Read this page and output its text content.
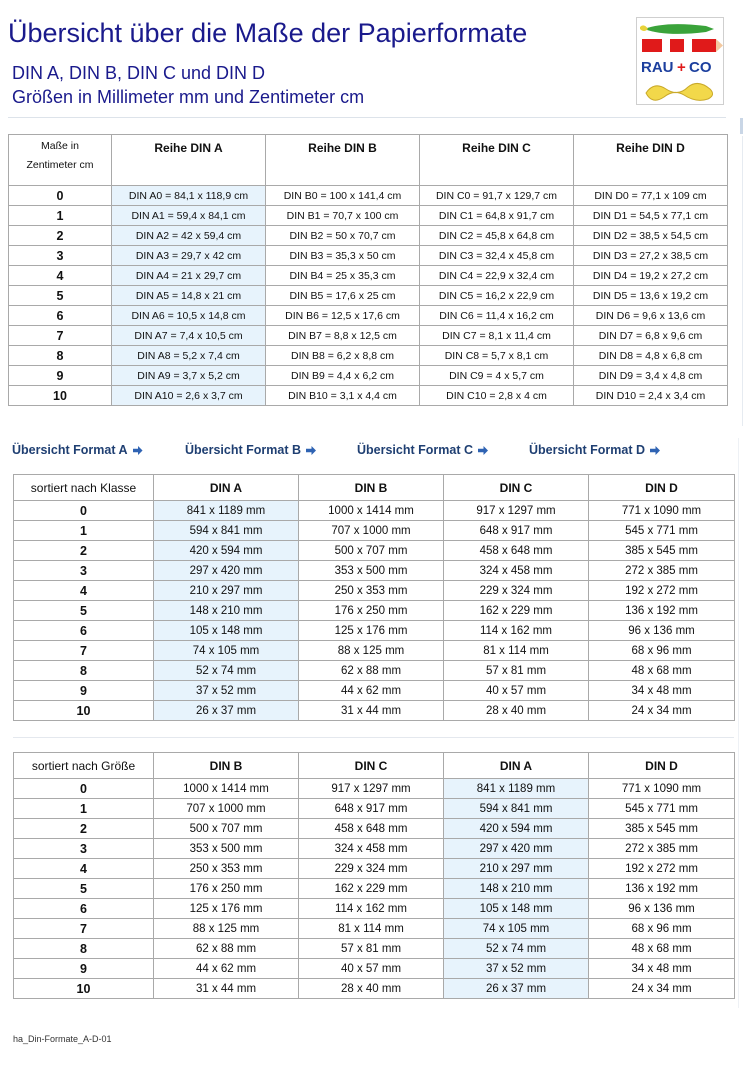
Übersicht über die Maße der Papierformate
DIN A, DIN B, DIN C und DIN D
Größen in Millimeter mm und Zentimeter cm
RAU + CO
Maße in Zentimeter cm	Reihe DIN A	Reihe DIN B	Reihe DIN C	Reihe DIN D
0	DIN A0 = 84,1 x 118,9 cm	DIN B0 = 100 x 141,4 cm	DIN C0 = 91,7 x 129,7 cm	DIN D0 = 77,1 x 109 cm
1	DIN A1 = 59,4 x 84,1 cm	DIN B1 = 70,7 x 100 cm	DIN C1 = 64,8 x 91,7 cm	DIN D1 = 54,5 x 77,1 cm
2	DIN A2 = 42 x 59,4 cm	DIN B2 = 50 x 70,7 cm	DIN C2 = 45,8 x 64,8 cm	DIN D2 = 38,5 x 54,5 cm
3	DIN A3 = 29,7 x 42 cm	DIN B3 = 35,3 x 50 cm	DIN C3 = 32,4 x 45,8 cm	DIN D3 = 27,2 x 38,5 cm
4	DIN A4 = 21 x 29,7 cm	DIN B4 = 25 x 35,3 cm	DIN C4 = 22,9 x 32,4 cm	DIN D4 = 19,2 x 27,2 cm
5	DIN A5 = 14,8 x 21 cm	DIN B5 = 17,6 x 25 cm	DIN C5 = 16,2 x 22,9 cm	DIN D5 = 13,6 x 19,2 cm
6	DIN A6 = 10,5 x 14,8 cm	DIN B6 = 12,5 x 17,6 cm	DIN C6 = 11,4 x 16,2 cm	DIN D6 = 9,6 x 13,6 cm
7	DIN A7 = 7,4 x 10,5 cm	DIN B7 = 8,8 x 12,5 cm	DIN C7 = 8,1 x 11,4 cm	DIN D7 = 6,8 x 9,6 cm
8	DIN A8 = 5,2 x 7,4 cm	DIN B8 = 6,2 x 8,8 cm	DIN C8 = 5,7 x 8,1 cm	DIN D8 = 4,8 x 6,8 cm
9	DIN A9 = 3,7 x 5,2 cm	DIN B9 = 4,4 x 6,2 cm	DIN C9 = 4 x 5,7 cm	DIN D9 = 3,4 x 4,8 cm
10	DIN A10 = 2,6 x 3,7 cm	DIN B10 = 3,1 x 4,4 cm	DIN C10 = 2,8 x 4 cm	DIN D10 = 2,4 x 3,4 cm
Übersicht Format A	Übersicht Format B	Übersicht Format C	Übersicht Format D
sortiert nach Klasse	DIN A	DIN B	DIN C	DIN D
0	841 x 1189 mm	1000 x 1414 mm	917 x 1297 mm	771 x 1090 mm
1	594 x 841 mm	707 x 1000 mm	648 x 917 mm	545 x 771 mm
2	420 x 594 mm	500 x 707 mm	458 x 648 mm	385 x 545 mm
3	297 x 420 mm	353 x 500 mm	324 x 458 mm	272 x 385 mm
4	210 x 297 mm	250 x 353 mm	229 x 324 mm	192 x 272 mm
5	148 x 210 mm	176 x 250 mm	162 x 229 mm	136 x 192 mm
6	105 x 148 mm	125 x 176 mm	114 x 162 mm	96 x 136 mm
7	74 x 105 mm	88 x 125 mm	81 x 114 mm	68 x 96 mm
8	52 x 74 mm	62 x 88 mm	57 x 81 mm	48 x 68 mm
9	37 x 52 mm	44 x 62 mm	40 x 57 mm	34 x 48 mm
10	26 x 37 mm	31 x 44 mm	28 x 40 mm	24 x 34 mm
sortiert nach Größe	DIN B	DIN C	DIN A	DIN D
0	1000 x 1414 mm	917 x 1297 mm	841 x 1189 mm	771 x 1090 mm
1	707 x 1000 mm	648 x 917 mm	594 x 841 mm	545 x 771 mm
2	500 x 707 mm	458 x 648 mm	420 x 594 mm	385 x 545 mm
3	353 x 500 mm	324 x 458 mm	297 x 420 mm	272 x 385 mm
4	250 x 353 mm	229 x 324 mm	210 x 297 mm	192 x 272 mm
5	176 x 250 mm	162 x 229 mm	148 x 210 mm	136 x 192 mm
6	125 x 176 mm	114 x 162 mm	105 x 148 mm	96 x 136 mm
7	88 x 125 mm	81 x 114 mm	74 x 105 mm	68 x 96 mm
8	62 x 88 mm	57 x 81 mm	52 x 74 mm	48 x 68 mm
9	44 x 62 mm	40 x 57 mm	37 x 52 mm	34 x 48 mm
10	31 x 44 mm	28 x 40 mm	26 x 37 mm	24 x 34 mm
ha_Din-Formate_A-D-01
